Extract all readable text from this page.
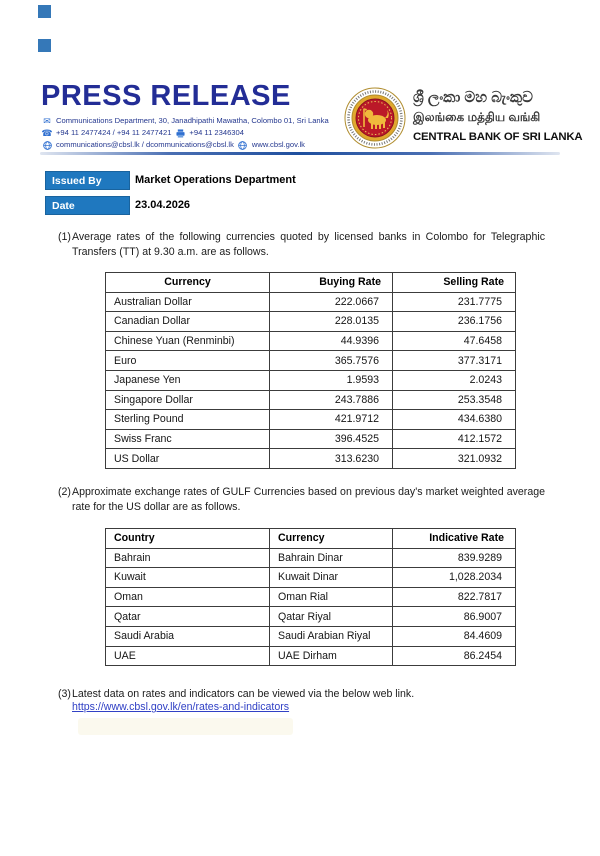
PRESS RELEASE
✉ Communications Department, 30, Janadhipathi Mawatha, Colombo 01, Sri Lanka
☎ +94 11 2477424 / +94 11 2477421 +94 11 2346304
communications@cbsl.lk / dcommunications@cbsl.lk www.cbsl.gov.lk
ශ්‍රී ලංකා මහ බැංකුව
இலங்கை மத்திய வங்கி
CENTRAL BANK OF SRI LANKA
Issued By	Market Operations Department
Date	23.04.2026
(1) Average rates of the following currencies quoted by licensed banks in Colombo for Telegraphic Transfers (TT) at 9.30 a.m. are as follows.
Currency	Buying Rate	Selling Rate
Australian Dollar	222.0667	231.7775
Canadian Dollar	228.0135	236.1756
Chinese Yuan (Renminbi)	44.9396	47.6458
Euro	365.7576	377.3171
Japanese Yen	1.9593	2.0243
Singapore Dollar	243.7886	253.3548
Sterling Pound	421.9712	434.6380
Swiss Franc	396.4525	412.1572
US Dollar	313.6230	321.0932
(2) Approximate exchange rates of GULF Currencies based on previous day's market weighted average rate for the US dollar are as follows.
Country	Currency	Indicative Rate
Bahrain	Bahrain Dinar	839.9289
Kuwait	Kuwait Dinar	1,028.2034
Oman	Oman Rial	822.7817
Qatar	Qatar Riyal	86.9007
Saudi Arabia	Saudi Arabian Riyal	84.4609
UAE	UAE Dirham	86.2454
(3) Latest data on rates and indicators can be viewed via the below web link.
https://www.cbsl.gov.lk/en/rates-and-indicators
